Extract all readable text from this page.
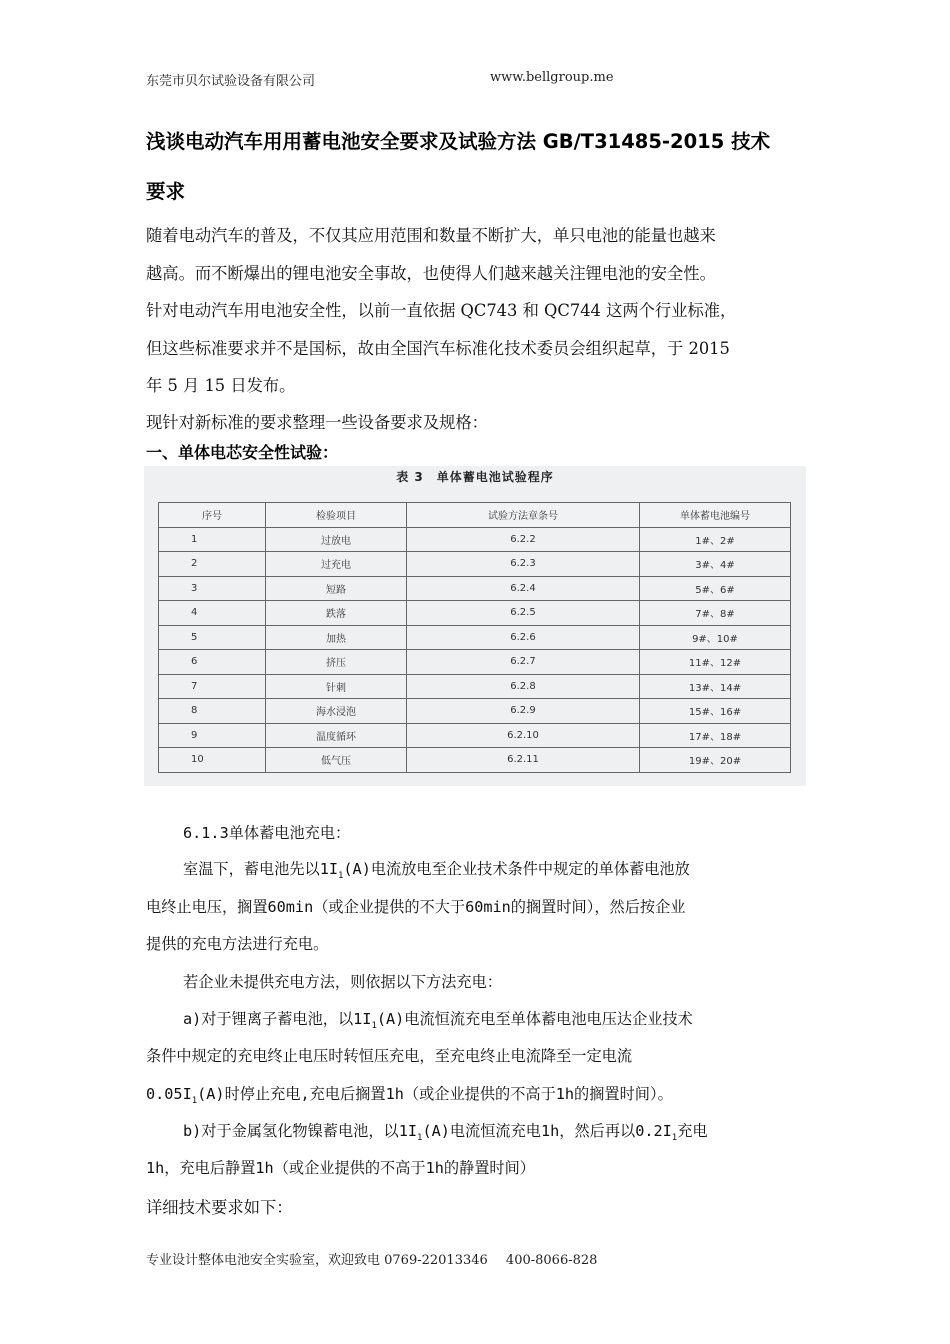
东莞市贝尔试验设备有限公司	www.bellgroup.me
浅谈电动汽车用用蓄电池安全要求及试验方法 GB/T31485-2015 技术
要求
随着电动汽车的普及，不仅其应用范围和数量不断扩大，单只电池的能量也越来
越高。而不断爆出的锂电池安全事故，也使得人们越来越关注锂电池的安全性。
针对电动汽车用电池安全性，以前一直依据 QC743 和 QC744 这两个行业标准，
但这些标准要求并不是国标，故由全国汽车标准化技术委员会组织起草，于 2015
年 5 月 15 日发布。
现针对新标准的要求整理一些设备要求及规格：
一、单体电芯安全性试验：
表 3　单体蓄电池试验程序
序号	检验项目	试验方法章条号	单体蓄电池编号
1	过放电	6.2.2	1#、2#
2	过充电	6.2.3	3#、4#
3	短路	6.2.4	5#、6#
4	跌落	6.2.5	7#、8#
5	加热	6.2.6	9#、10#
6	挤压	6.2.7	11#、12#
7	针刺	6.2.8	13#、14#
8	海水浸泡	6.2.9	15#、16#
9	温度循环	6.2.10	17#、18#
10	低气压	6.2.11	19#、20#
6.1.3单体蓄电池充电：
室温下，蓄电池先以$1I_1(A)$电流放电至企业技术条件中规定的单体蓄电池放
电终止电压，搁置60min（或企业提供的不大于60min的搁置时间），然后按企业
提供的充电方法进行充电。
若企业未提供充电方法，则依据以下方法充电：
a)对于锂离子蓄电池，以$1I_1(A)$电流恒流充电至单体蓄电池电压达企业技术
条件中规定的充电终止电压时转恒压充电，至充电终止电流降至一定电流
$0.05I_1(A)$时停止充电,充电后搁置1h（或企业提供的不高于1h的搁置时间）。
b)对于金属氢化物镍蓄电池，以$1I_1(A)$电流恒流充电1h，然后再以$0.2I_1$充电
1h，充电后静置1h（或企业提供的不高于1h的静置时间）
详细技术要求如下：
专业设计整体电池安全实验室，欢迎致电 0769-22013346 400-8066-828
